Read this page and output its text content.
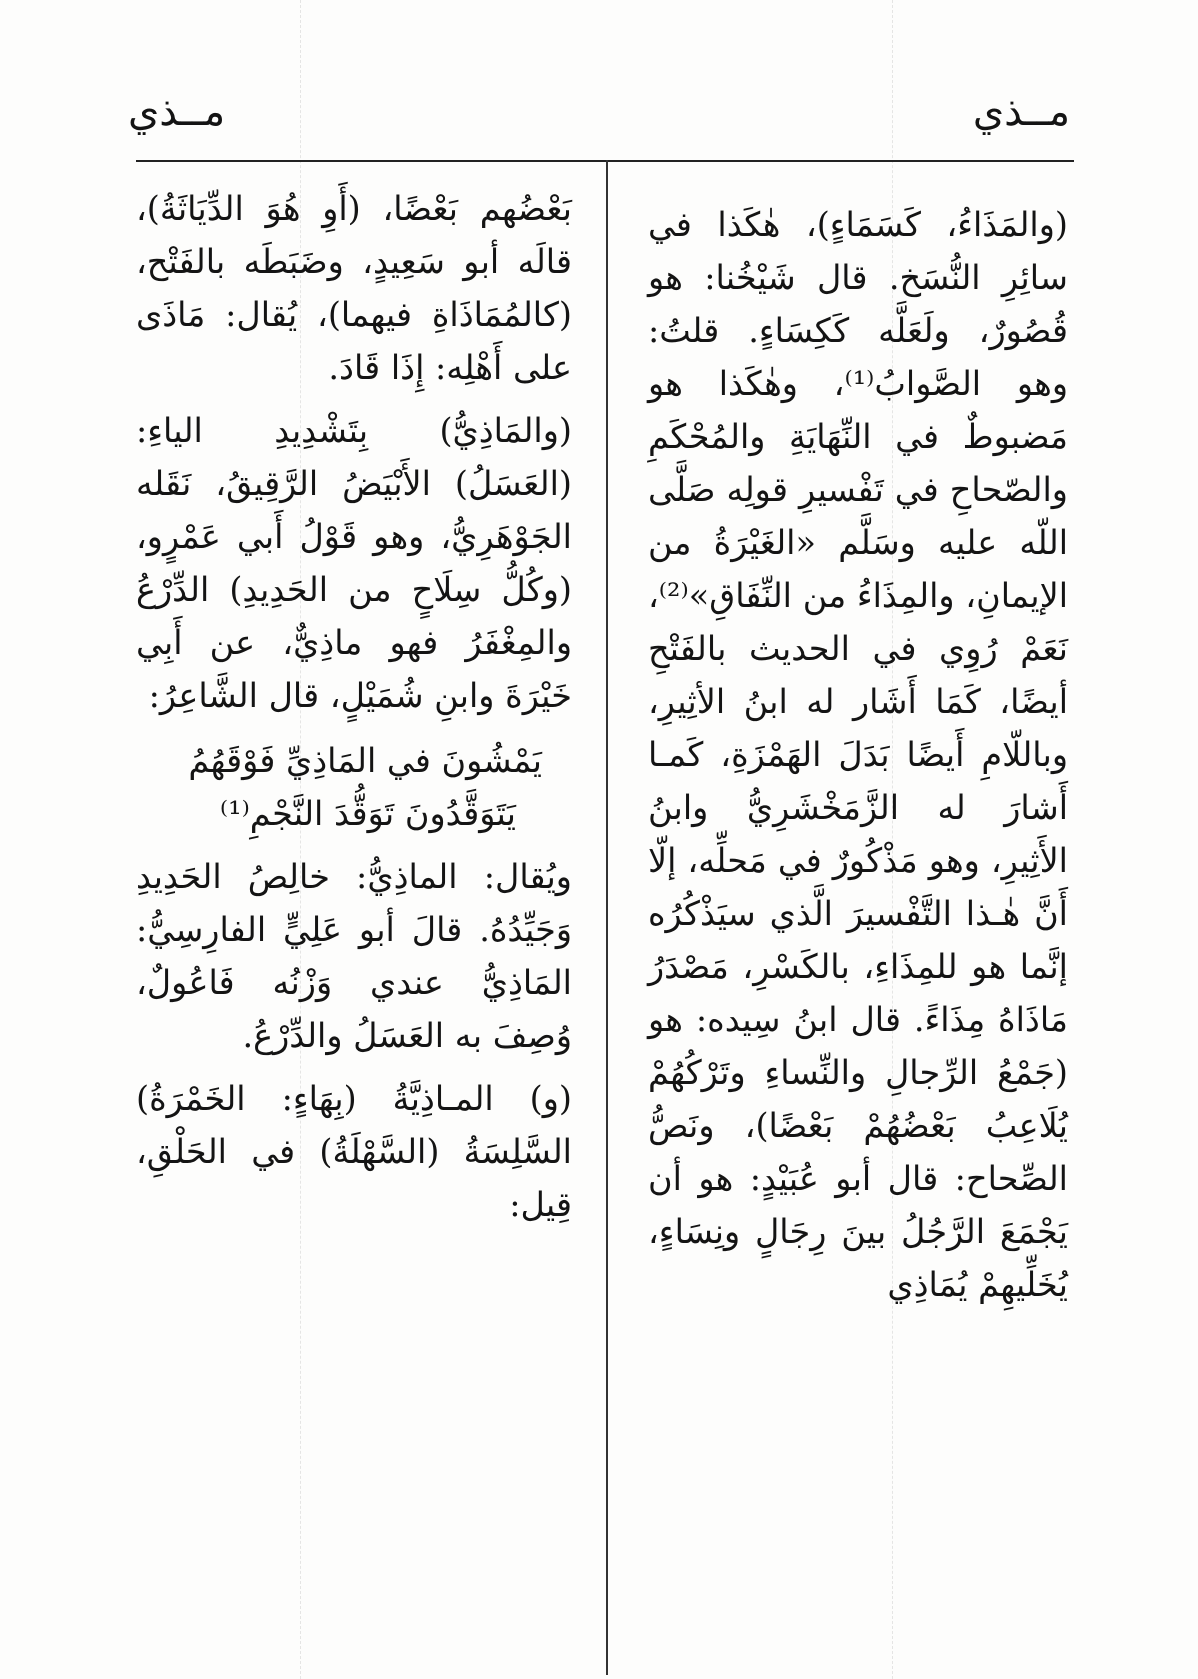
مــذي
مــذي

(والمَذَاءُ، كَسَمَاءٍ)، هٰكَذا في سائِرِ النُّسَخ. قال شَيْخُنا: هو قُصُورٌ، ولَعَلَّه كَكِسَاءٍ. قلتُ: وهو الصَّوابُ⁽¹⁾، وهٰكَذا هو مَضبوطٌ في النِّهَايَةِ والمُحْكَمِ والصّحاحِ في تَفْسيرِ قولِه صَلَّى اللّه عليه وسَلَّم «الغَيْرَةُ من الإيمانِ، والمِذَاءُ من النِّفَاقِ»⁽²⁾، نَعَمْ رُوِي في الحديث بالفَتْحِ أيضًا، كَمَا أَشَار له ابنُ الأثِيرِ، وباللّامِ أَيضًا بَدَلَ الهَمْزَةِ، كَمـا أَشارَ له الزَّمَخْشَرِيُّ وابنُ الأَثِيرِ، وهو مَذْكُورٌ في مَحلِّه، إلّا أَنَّ هٰـذا التَّفْسيرَ الَّذي سيَذْكُرُه إنَّما هو للمِذَاءِ، بالكَسْرِ، مَصْدَرُ مَاذَاهُ مِذَاءً. قال ابنُ سِيده: هو (جَمْعُ الرِّجالِ والنِّساءِ وتَرْكُهُمْ يُلَاعِبُ بَعْضُهُمْ بَعْضًا)، ونَصُّ الصِّحاح: قال أبو عُبَيْدٍ: هو أن يَجْمَعَ الرَّجُلُ بينَ رِجَالٍ ونِسَاءٍ، يُخَلِّيهِمْ يُمَاذِي

بَعْضُهم بَعْضًا، (أَوِ هُوَ الدِّيَاثَةُ)، قالَه أبو سَعِيدٍ، وضَبَطَه بالفَتْح، (كالمُمَاذَاةِ فيهما)، يُقال: مَاذَى على أَهْلِه: إِذَا قَادَ.

(والمَاذِيُّ) بِتَشْدِيدِ الياءِ: (العَسَلُ) الأَبْيَضُ الرَّقِيقُ، نَقَله الجَوْهَرِيُّ، وهو قَوْلُ أَبي عَمْرٍو، (وكُلُّ سِلَاحٍ من الحَدِيدِ) الدِّرْعُ والمِغْفَرُ فهو ماذِيٌّ، عن أَبِي خَيْرَةَ وابنِ شُمَيْلٍ، قال الشَّاعِرُ:

يَمْشُونَ في المَاذِيِّ فَوْقَهُمُ

يَتَوَقَّدُونَ تَوَقُّدَ النَّجْمِ⁽¹⁾

ويُقال: الماذِيُّ: خالِصُ الحَدِيدِ وَجَيِّدُهُ. قالَ أبو عَلِيٍّ الفارِسِيُّ: المَاذِيُّ عندي وَزْنُه فَاعُولٌ، وُصِفَ به العَسَلُ والدِّرْعُ.

(و) المـاذِيَّةُ (بِهَاءٍ: الخَمْرَةُ) السَّلِسَةُ (السَّهْلَةُ) في الحَلْقِ، قِيل:
